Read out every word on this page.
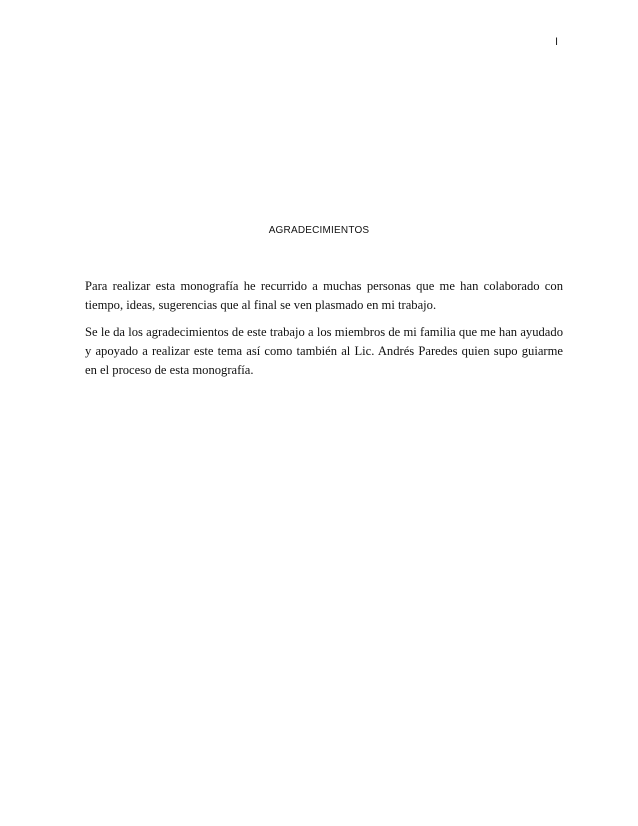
I
AGRADECIMIENTOS

Para realizar esta monografía he recurrido a muchas personas que me han colaborado con tiempo, ideas, sugerencias que al final se ven plasmado en mi trabajo.

Se le da los agradecimientos de este trabajo a los miembros de mi familia que me han ayudado y apoyado a realizar este tema así como también al Lic. Andrés Paredes quien supo guiarme en el proceso de esta monografía.
